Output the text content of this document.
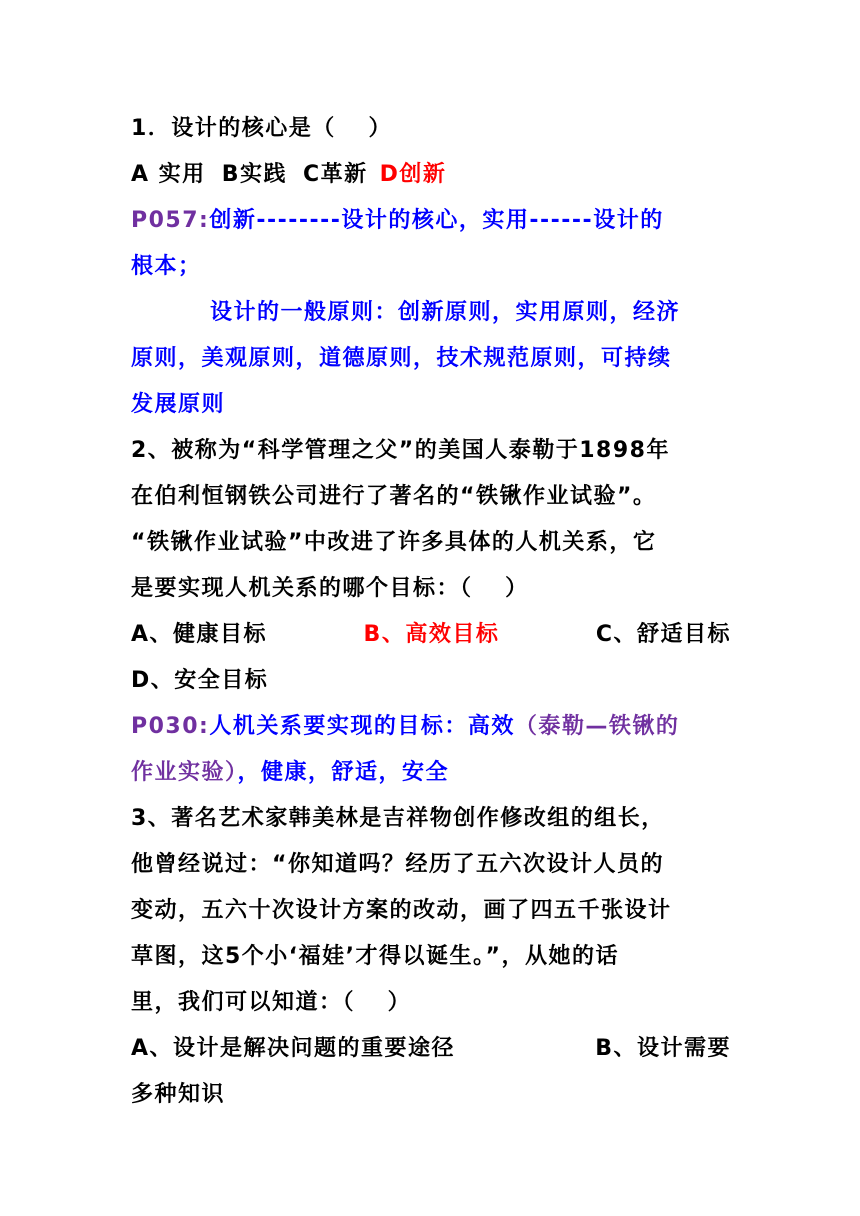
1．设计的核心是（　 ）
A 实用 B实践 C革新 D创新
P057:创新--------设计的核心，实用------设计的
根本；
设计的一般原则：创新原则，实用原则，经济
原则，美观原则，道德原则，技术规范原则，可持续
发展原则
2、被称为“科学管理之父”的美国人泰勒于1898年
在伯利恒钢铁公司进行了著名的“铁锹作业试验”。
“铁锹作业试验”中改进了许多具体的人机关系，它
是要实现人机关系的哪个目标：（　 ）
A、健康目标	B、高效目标	C、舒适目标
D、安全目标
P030:人机关系要实现的目标：高效（泰勒—铁锹的
作业实验），健康，舒适，安全
3、著名艺术家韩美林是吉祥物创作修改组的组长，
他曾经说过：“你知道吗？经历了五六次设计人员的
变动，五六十次设计方案的改动，画了四五千张设计
草图，这5个小‘福娃’才得以诞生。”，从她的话
里，我们可以知道：（　 ）
A、设计是解决问题的重要途径	B、设计需要
多种知识
